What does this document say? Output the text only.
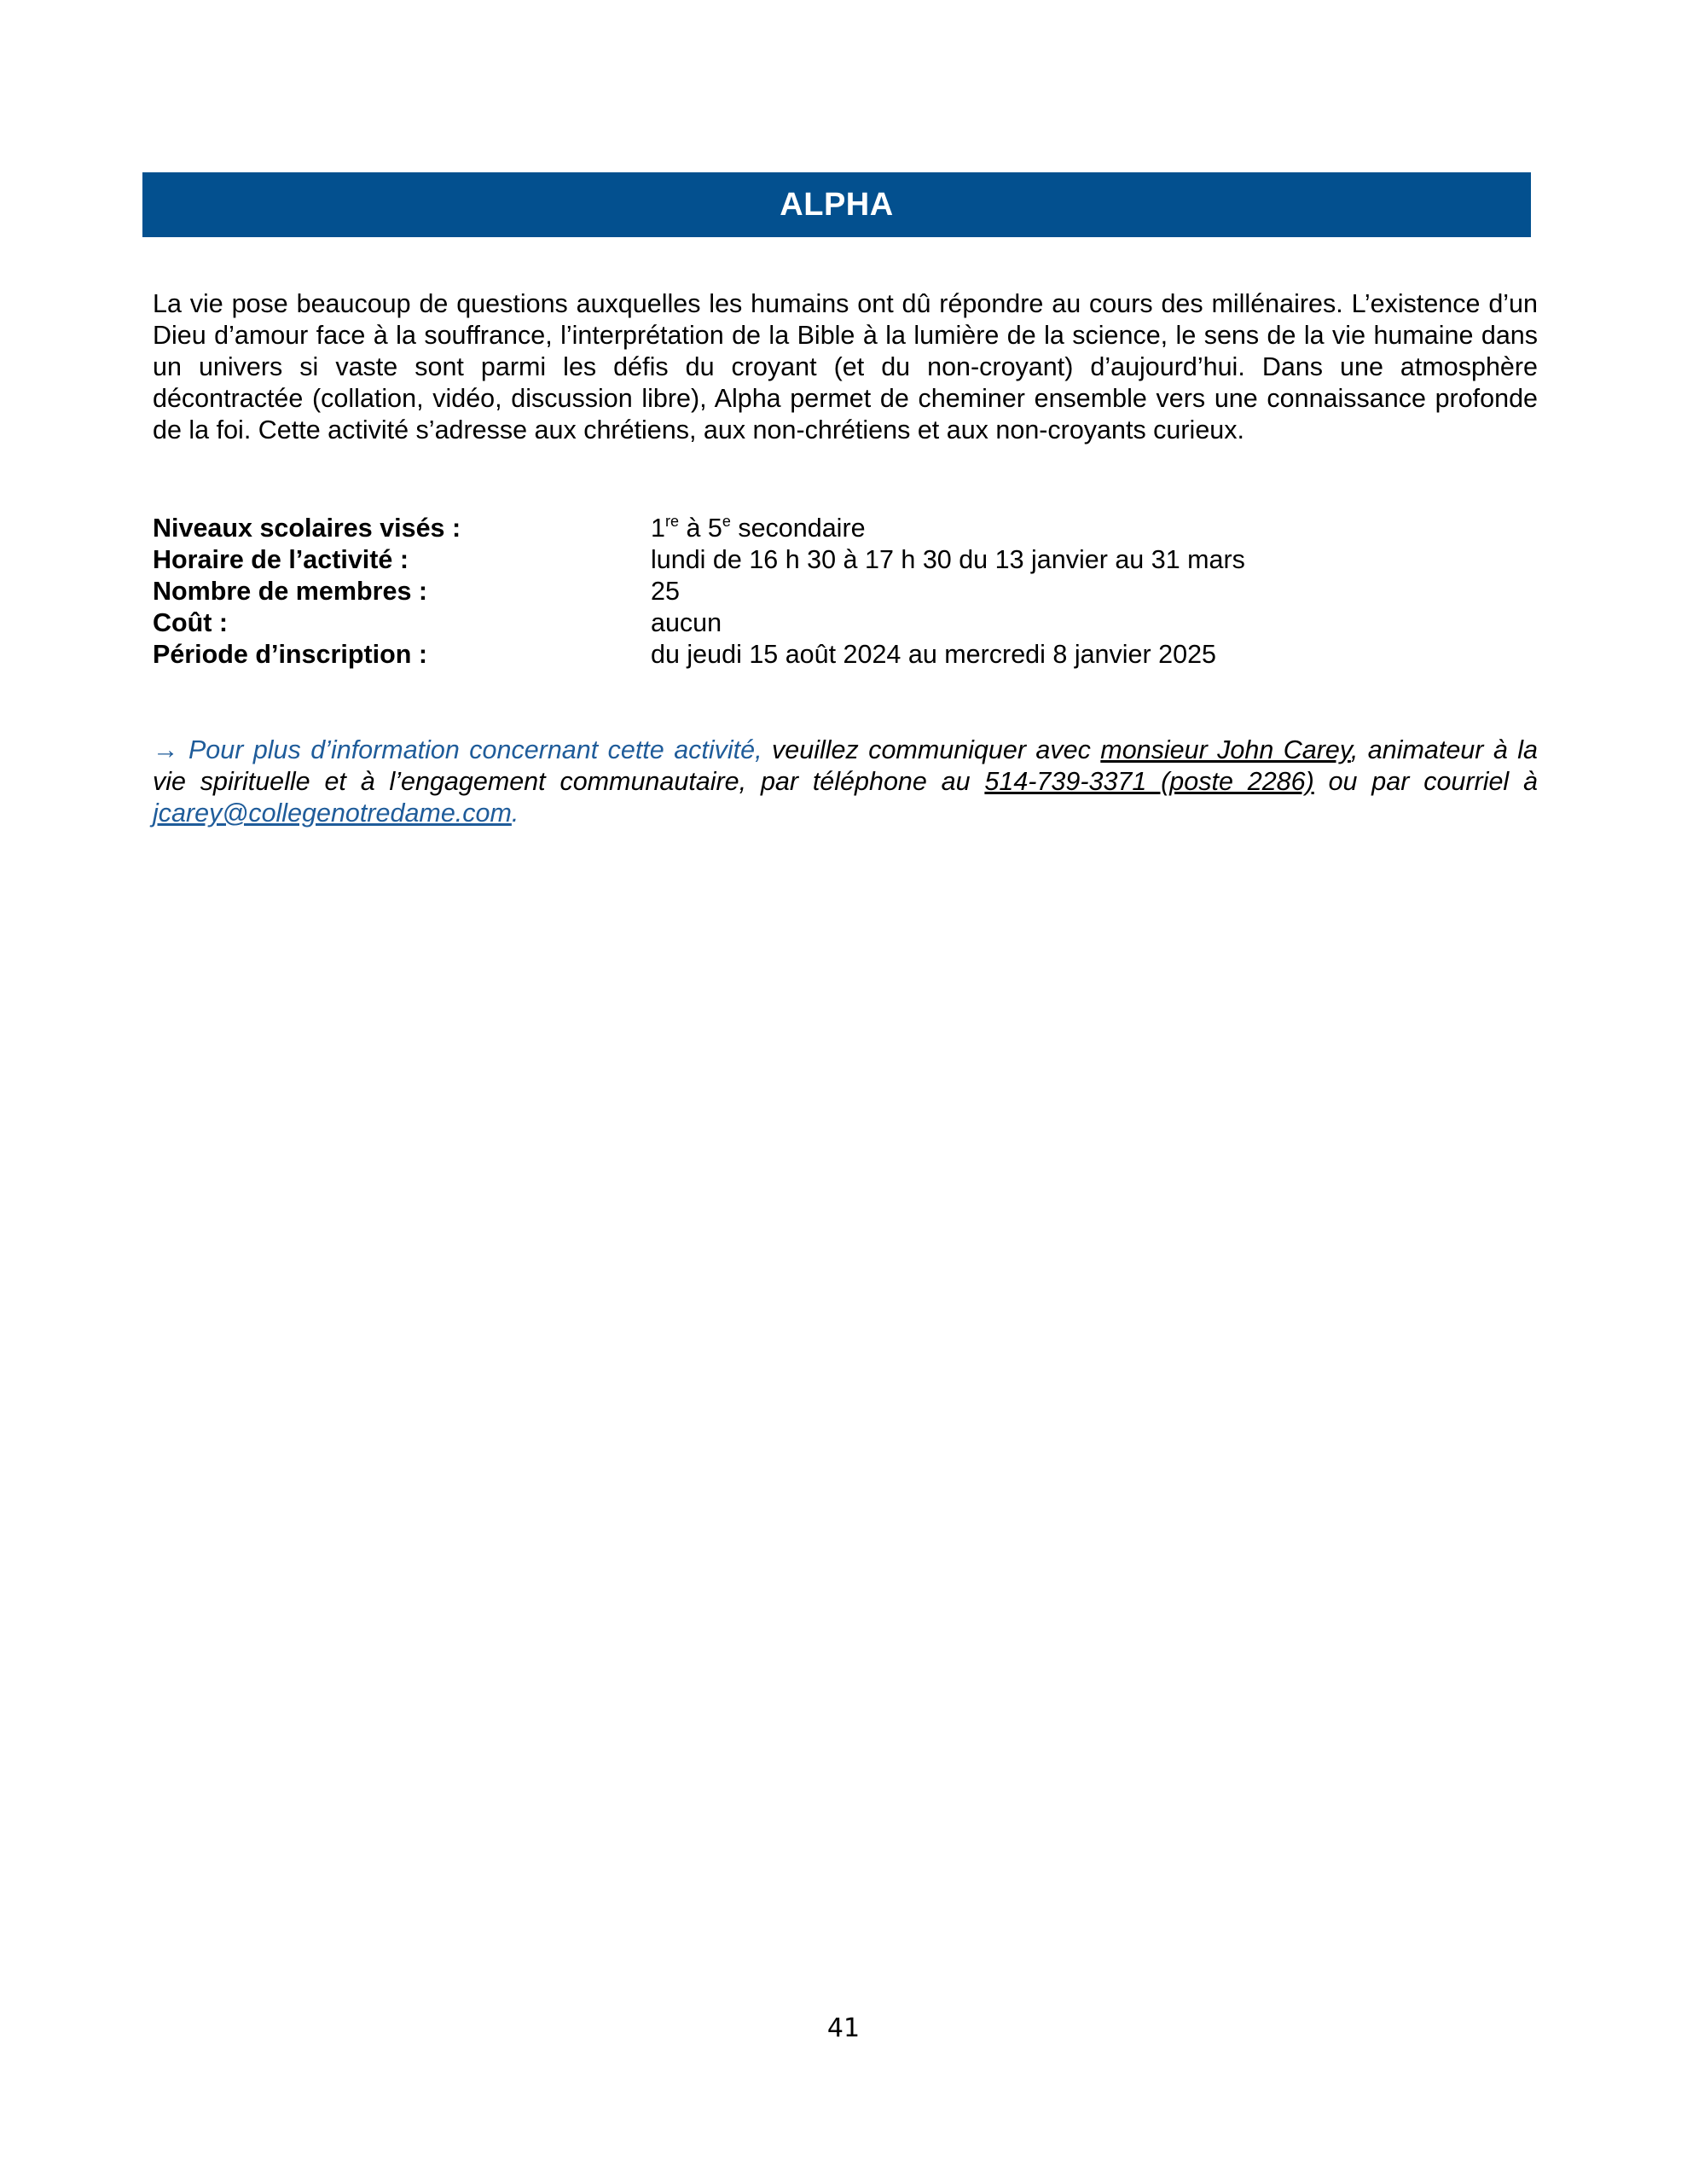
ALPHA

La vie pose beaucoup de questions auxquelles les humains ont dû répondre au cours des millénaires. L’existence d’un Dieu d’amour face à la souffrance, l’interprétation de la Bible à la lumière de la science, le sens de la vie humaine dans un univers si vaste sont parmi les défis du croyant (et du non-croyant) d’aujourd’hui. Dans une atmosphère décontractée (collation, vidéo, discussion libre), Alpha permet de cheminer ensemble vers une connaissance profonde de la foi. Cette activité s’adresse aux chrétiens, aux non-chrétiens et aux non-croyants curieux.

Niveaux scolaires visés :	1re à 5e secondaire
Horaire de l’activité :	lundi de 16 h 30 à 17 h 30 du 13 janvier au 31 mars
Nombre de membres :	25
Coût :	aucun
Période d’inscription :	du jeudi 15 août 2024 au mercredi 8 janvier 2025

→ Pour plus d’information concernant cette activité, veuillez communiquer avec monsieur John Carey, animateur à la vie spirituelle et à l’engagement communautaire, par téléphone au 514-739-3371 (poste 2286) ou par courriel à jcarey@collegenotredame.com.

41
